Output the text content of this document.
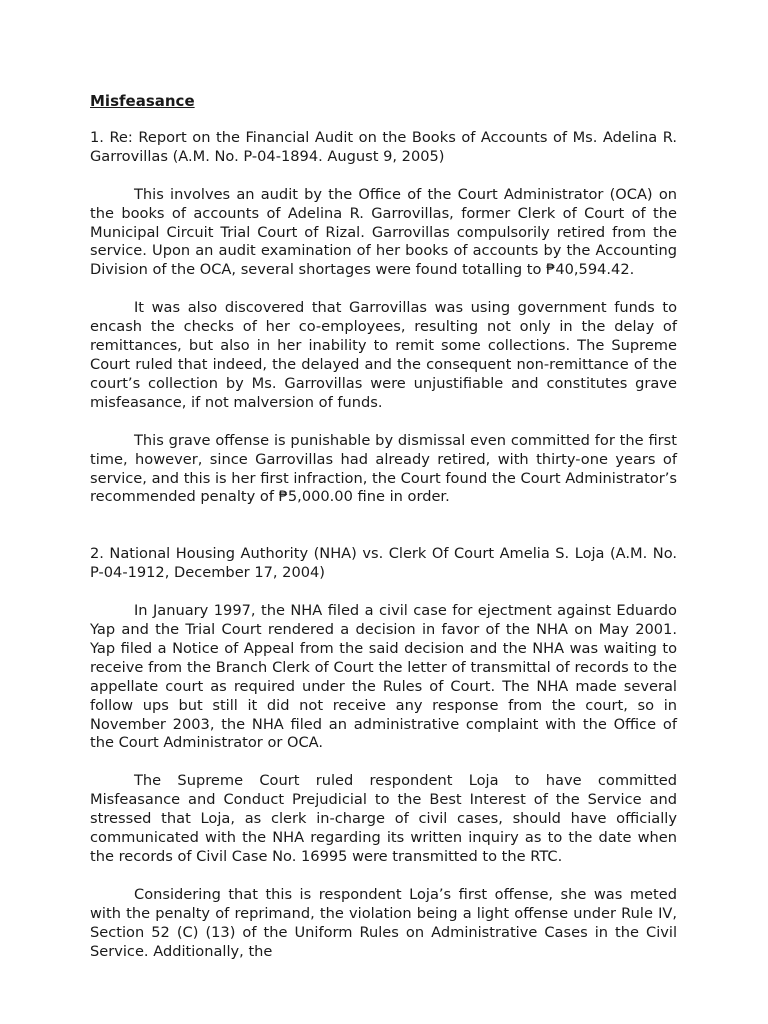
Misfeasance

1. Re: Report on the Financial Audit on the Books of Accounts of Ms. Adelina R. Garrovillas (A.M. No. P-04-1894. August 9, 2005)

This involves an audit by the Office of the Court Administrator (OCA) on the books of accounts of Adelina R. Garrovillas, former Clerk of Court of the Municipal Circuit Trial Court of Rizal. Garrovillas compulsorily retired from the service. Upon an audit examination of her books of accounts by the Accounting Division of the OCA, several shortages were found totalling to ₱40,594.42.

It was also discovered that Garrovillas was using government funds to encash the checks of her co-employees, resulting not only in the delay of remittances, but also in her inability to remit some collections. The Supreme Court ruled that indeed, the delayed and the consequent non-remittance of the court’s collection by Ms. Garrovillas were unjustifiable and constitutes grave misfeasance, if not malversion of funds.

This grave offense is punishable by dismissal even committed for the first time, however, since Garrovillas had already retired, with thirty-one years of service, and this is her first infraction, the Court found the Court Administrator’s recommended penalty of ₱5,000.00 fine in order.

2. National Housing Authority (NHA) vs. Clerk Of Court Amelia S. Loja (A.M. No. P-04-1912, December 17, 2004)

In January 1997, the NHA filed a civil case for ejectment against Eduardo Yap and the Trial Court rendered a decision in favor of the NHA on May 2001. Yap filed a Notice of Appeal from the said decision and the NHA was waiting to receive from the Branch Clerk of Court the letter of transmittal of records to the appellate court as required under the Rules of Court. The NHA made several follow ups but still it did not receive any response from the court, so in November 2003, the NHA filed an administrative complaint with the Office of the Court Administrator or OCA.

The Supreme Court ruled respondent Loja to have committed Misfeasance and Conduct Prejudicial to the Best Interest of the Service and stressed that Loja, as clerk in-charge of civil cases, should have officially communicated with the NHA regarding its written inquiry as to the date when the records of Civil Case No. 16995 were transmitted to the RTC.

Considering that this is respondent Loja’s first offense, she was meted with the penalty of reprimand, the violation being a light offense under Rule IV, Section 52 (C) (13) of the Uniform Rules on Administrative Cases in the Civil Service. Additionally, the
